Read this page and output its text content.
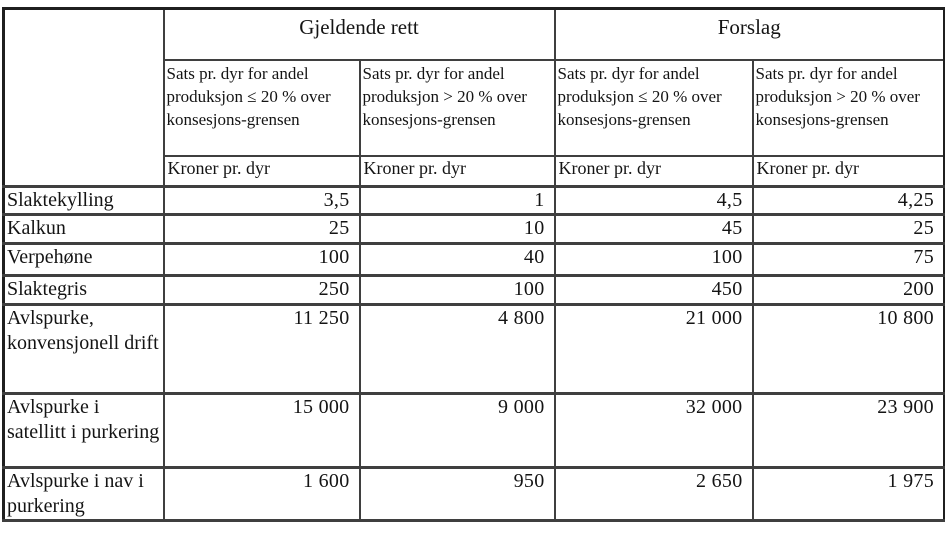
	Gjeldende rett		Forslag	
	Sats pr. dyr for andel produksjon ≤ 20 % over konsesjons-grensen	Sats pr. dyr for andel produksjon > 20 % over konsesjons-grensen	Sats pr. dyr for andel produksjon ≤ 20 % over konsesjons-grensen	Sats pr. dyr for andel produksjon > 20 % over konsesjons-grensen
	Kroner pr. dyr	Kroner pr. dyr	Kroner pr. dyr	Kroner pr. dyr
Slaktekylling	3,5	1	4,5	4,25
Kalkun	25	10	45	25
Verpehøne	100	40	100	75
Slaktegris	250	100	450	200
Avlspurke, konvensjonell drift	11 250	4 800	21 000	10 800
Avlspurke i satellitt i purkering	15 000	9 000	32 000	23 900
Avlspurke i nav i purkering	1 600	950	2 650	1 975
